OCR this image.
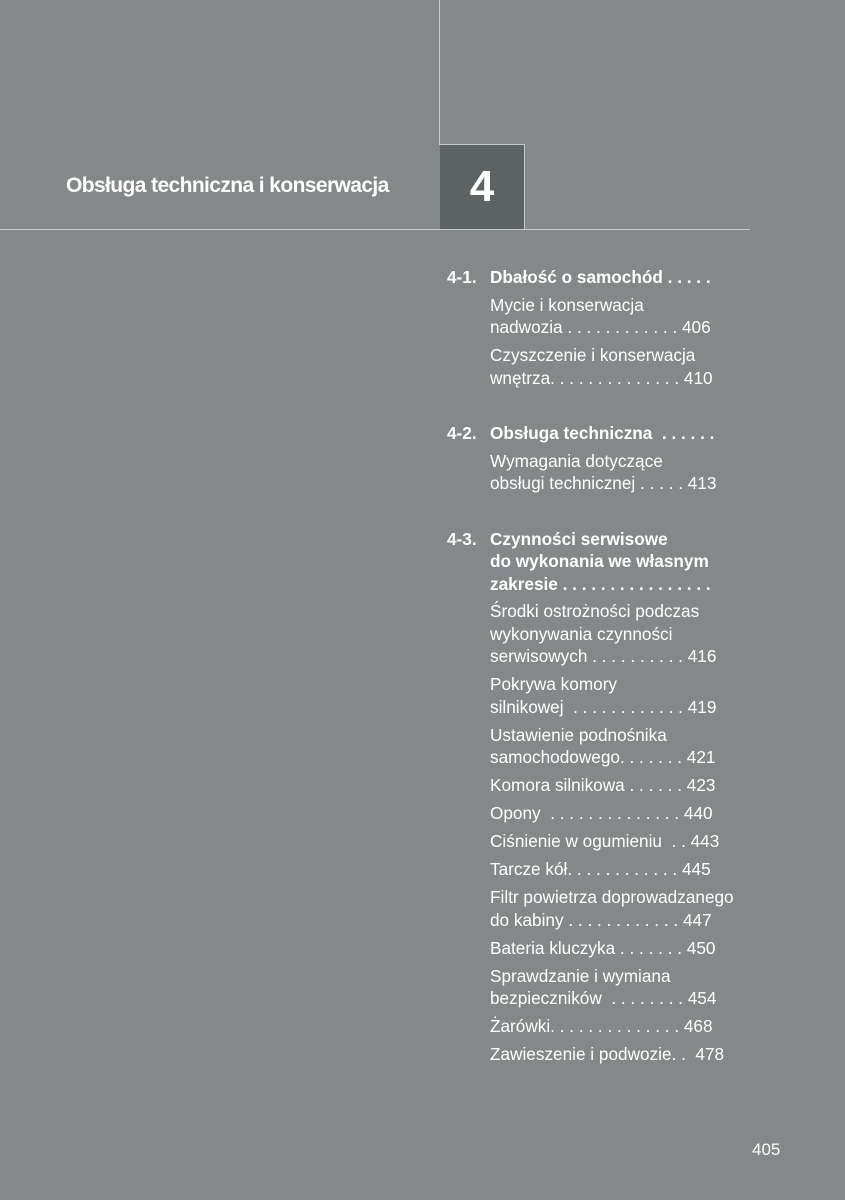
Obsługa techniczna i konserwacja 4
4-1. Dbałość o samochód . . . . .
Mycie i konserwacja
nadwozia . . . . . . . . . . . . 406
Czyszczenie i konserwacja
wnętrza. . . . . . . . . . . . . . 410
4-2. Obsługa techniczna  . . . . . .
Wymagania dotyczące
obsługi technicznej . . . . . 413
4-3. Czynności serwisowe
do wykonania we własnym
zakresie . . . . . . . . . . . . . . . .
Środki ostrożności podczas
wykonywania czynności
serwisowych . . . . . . . . . . 416
Pokrywa komory
silnikowej  . . . . . . . . . . . . 419
Ustawienie podnośnika
samochodowego. . . . . . . 421
Komora silnikowa . . . . . . 423
Opony  . . . . . . . . . . . . . . 440
Ciśnienie w ogumieniu  . . 443
Tarcze kół. . . . . . . . . . . . 445
Filtr powietrza doprowadzanego
do kabiny . . . . . . . . . . . . 447
Bateria kluczyka . . . . . . . 450
Sprawdzanie i wymiana
bezpieczników  . . . . . . . . 454
Żarówki. . . . . . . . . . . . . . 468
Zawieszenie i podwozie. .  478
405
